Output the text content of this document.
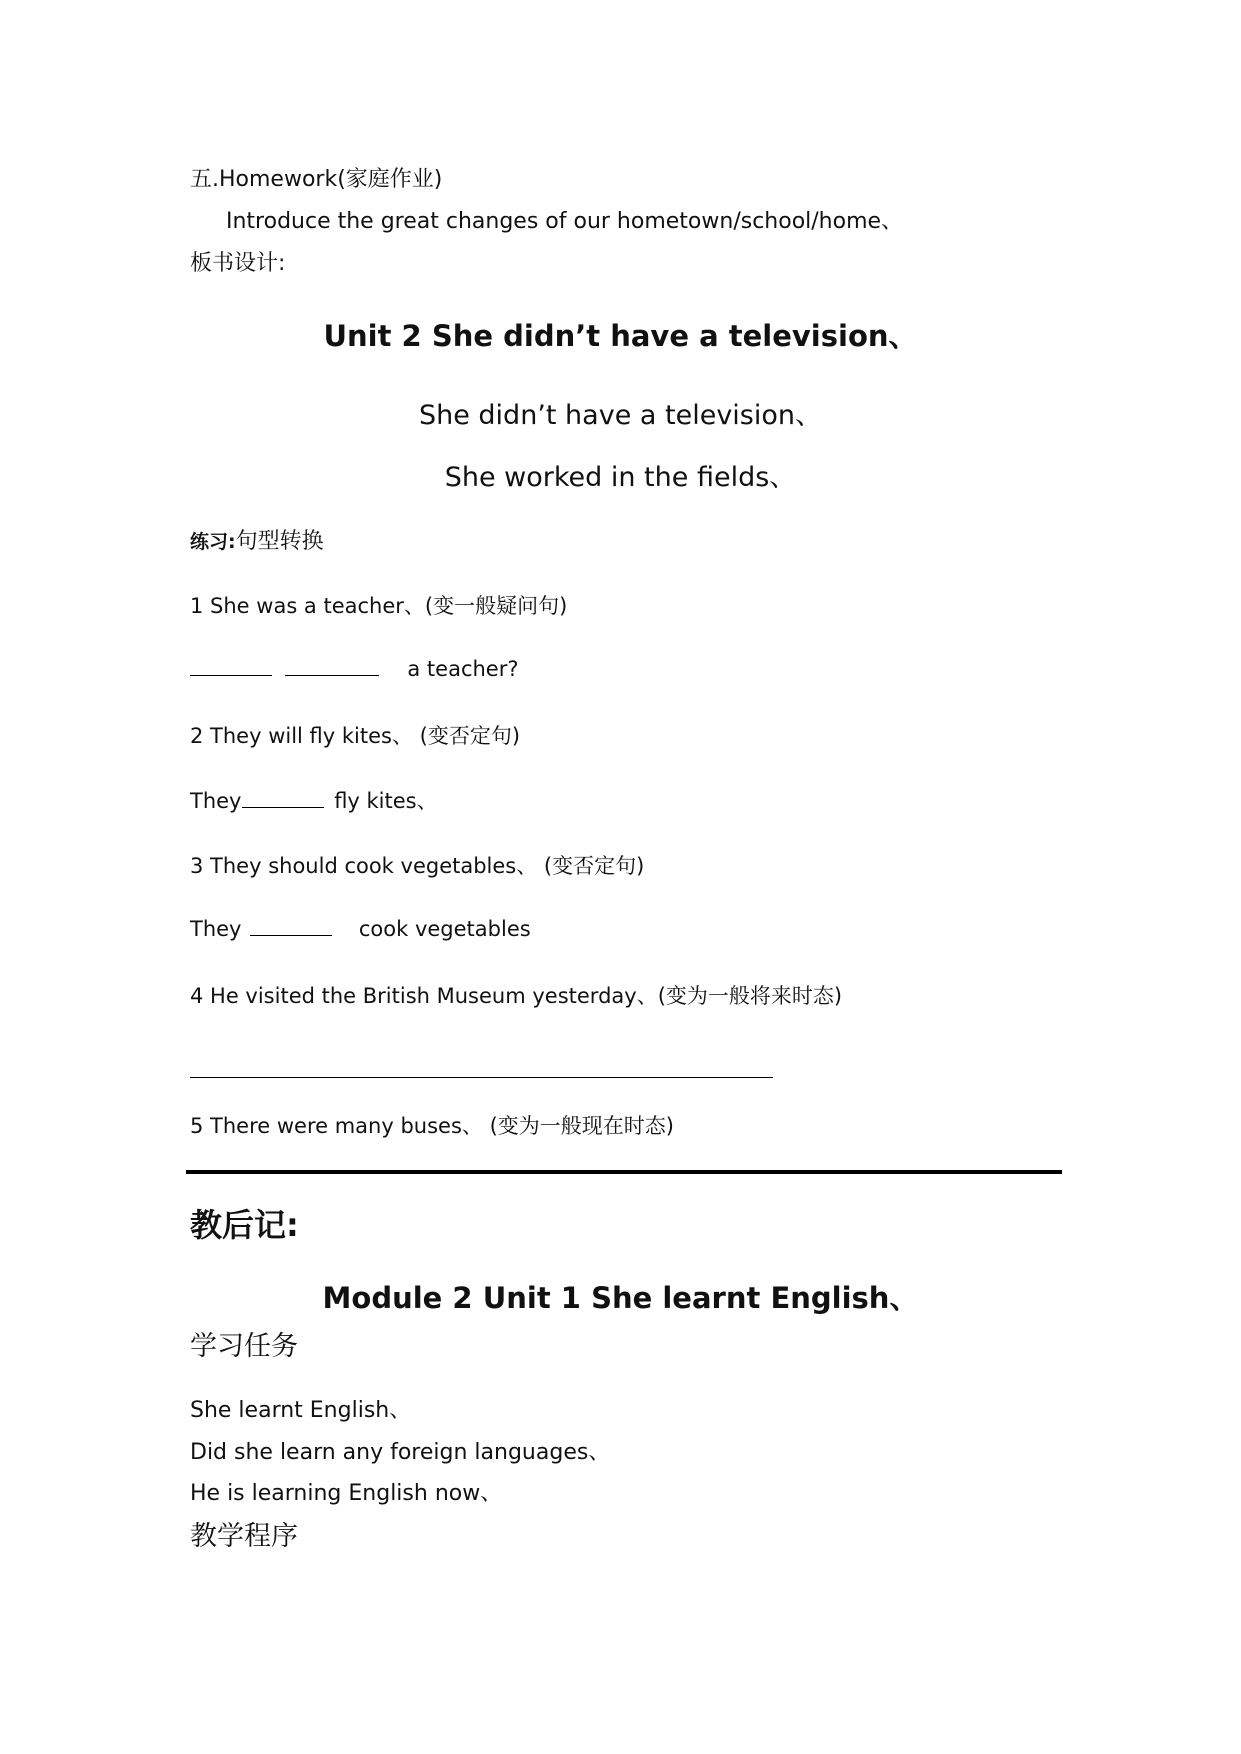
五.Homework(家庭作业)
Introduce the great changes of our hometown/school/home、
板书设计:
Unit 2 She didn’t have a television、
She didn’t have a television、
She worked in the fields、
练习:句型转换
1 She was a teacher、(变一般疑问句)
a teacher?
2 They will fly kites、 (变否定句)
They	fly kites、
3 They should cook vegetables、 (变否定句)
They	cook vegetables
4 He visited the British Museum yesterday、(变为一般将来时态)
5 There were many buses、 (变为一般现在时态)
教后记:
Module 2 Unit 1 She learnt English、
学习任务
She learnt English、
Did she learn any foreign languages、
He is learning English now、
教学程序
